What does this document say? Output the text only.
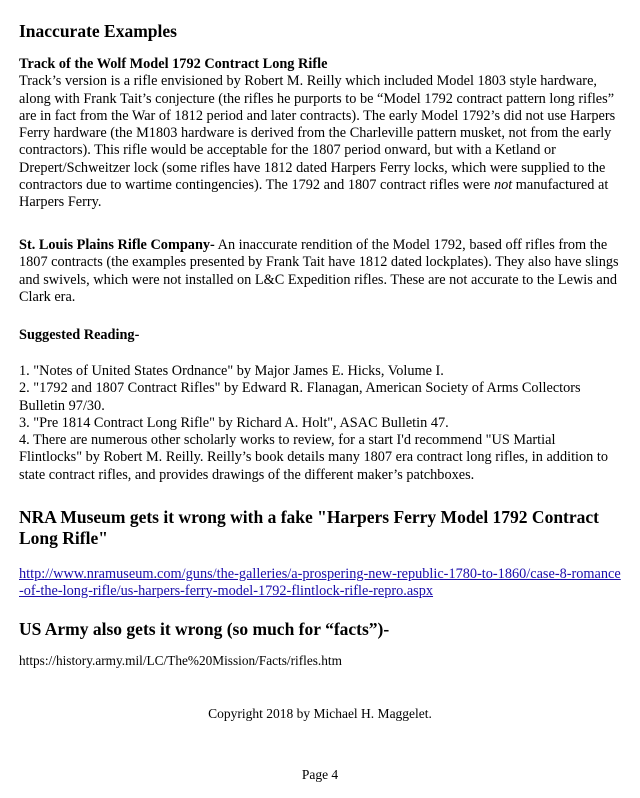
Inaccurate Examples
Track of the Wolf Model 1792 Contract Long Rifle
Track’s version is a rifle envisioned by Robert M. Reilly which included Model 1803 style hardware, along with Frank Tait’s conjecture (the rifles he purports to be “Model 1792 contract pattern long rifles” are in fact from the War of 1812 period and later contracts). The early Model 1792’s did not use Harpers Ferry hardware (the M1803 hardware is derived from the Charleville pattern musket, not from the early contractors). This rifle would be acceptable for the 1807 period onward, but with a Ketland or Drepert/Schweitzer lock (some rifles have 1812 dated Harpers Ferry locks, which were supplied to the contractors due to wartime contingencies). The 1792 and 1807 contract rifles were not manufactured at Harpers Ferry.

St. Louis Plains Rifle Company- An inaccurate rendition of the Model 1792, based off rifles from the 1807 contracts (the examples presented by Frank Tait have 1812 dated lockplates). They also have slings and swivels, which were not installed on L&C Expedition rifles. These are not accurate to the Lewis and Clark era.

Suggested Reading-

1. "Notes of United States Ordnance" by Major James E. Hicks, Volume I.
2. "1792 and 1807 Contract Rifles" by Edward R. Flanagan, American Society of Arms Collectors Bulletin 97/30.
3. "Pre 1814 Contract Long Rifle" by Richard A. Holt", ASAC Bulletin 47.
4. There are numerous other scholarly works to review, for a start I'd recommend "US Martial Flintlocks" by Robert M. Reilly. Reilly’s book details many 1807 era contract long rifles, in addition to state contract rifles, and provides drawings of the different maker’s patchboxes.
NRA Museum gets it wrong with a fake "Harpers Ferry Model 1792 Contract Long Rifle"

http://www.nramuseum.com/guns/the-galleries/a-prospering-new-republic-1780-to-1860/case-8-romance-of-the-long-rifle/us-harpers-ferry-model-1792-flintlock-rifle-repro.aspx

US Army also gets it wrong (so much for “facts”)-

https://history.army.mil/LC/The%20Mission/Facts/rifles.htm

Copyright 2018 by Michael H. Maggelet.

Page 4
